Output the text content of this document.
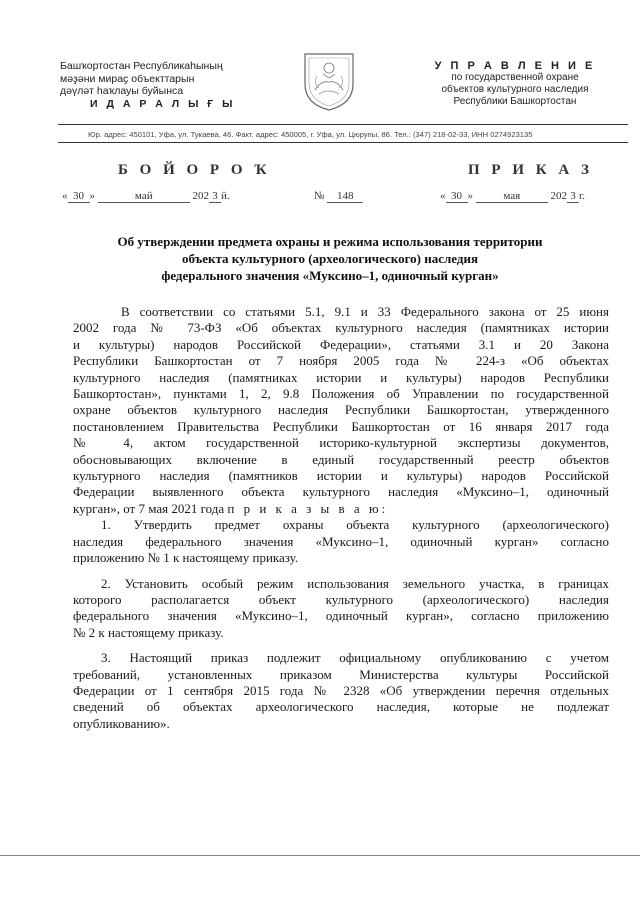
Башҡортостан Республикаһының
мәҙәни мираҫ объекттарын
дәүләт һаҡлауы буйынса
И Д А Р А Л Ы Ғ Ы
У П Р А В Л Е Н И Е
по государственной охране
объектов культурного наследия
Республики Башкортостан
Юр. адрес: 450101, Уфа, ул. Тукаева, 46. Факт. адрес: 450005, г. Уфа, ул. Цюрупы, 86. Тел.: (347) 218-02-33, ИНН 0274923135
Б О Й О Р О Ҡ	П Р И К А З
« 30 »	май	202 3 й.	№ 148	« 30 »	мая	202 3 г.
Об утверждении предмета охраны и режима использования территории
объекта культурного (археологического) наследия
федерального значения «Муксино–1, одиночный курган»
В соответствии со статьями 5.1, 9.1 и 33 Федерального закона от 25 июня
2002 года № 73-ФЗ «Об объектах культурного наследия (памятниках истории
и культуры) народов Российской Федерации», статьями 3.1 и 20 Закона
Республики Башкортостан от 7 ноября 2005 года № 224-з «Об объектах
культурного наследия (памятниках истории и культуры) народов Республики
Башкортостан», пунктами 1, 2, 9.8 Положения об Управлении по государственной
охране объектов культурного наследия Республики Башкортостан, утвержденного
постановлением Правительства Республики Башкортостан от 16 января 2017 года
№ 4, актом государственной историко-культурной экспертизы документов,
обосновывающих включение в единый государственный реестр объектов
культурного наследия (памятников истории и культуры) народов Российской
Федерации выявленного объекта культурного наследия «Муксино–1, одиночный
курган», от 7 мая 2021 года п р и к а з ы в а ю:
1. Утвердить предмет охраны объекта культурного (археологического)
наследия федерального значения «Муксино–1, одиночный курган» согласно
приложению № 1 к настоящему приказу.
2. Установить особый режим использования земельного участка, в границах
которого располагается объект культурного (археологического) наследия
федерального значения «Муксино–1, одиночный курган», согласно приложению
№ 2 к настоящему приказу.
3. Настоящий приказ подлежит официальному опубликованию с учетом
требований, установленных приказом Министерства культуры Российской
Федерации от 1 сентября 2015 года № 2328 «Об утверждении перечня отдельных
сведений об объектах археологического наследия, которые не подлежат
опубликованию».
